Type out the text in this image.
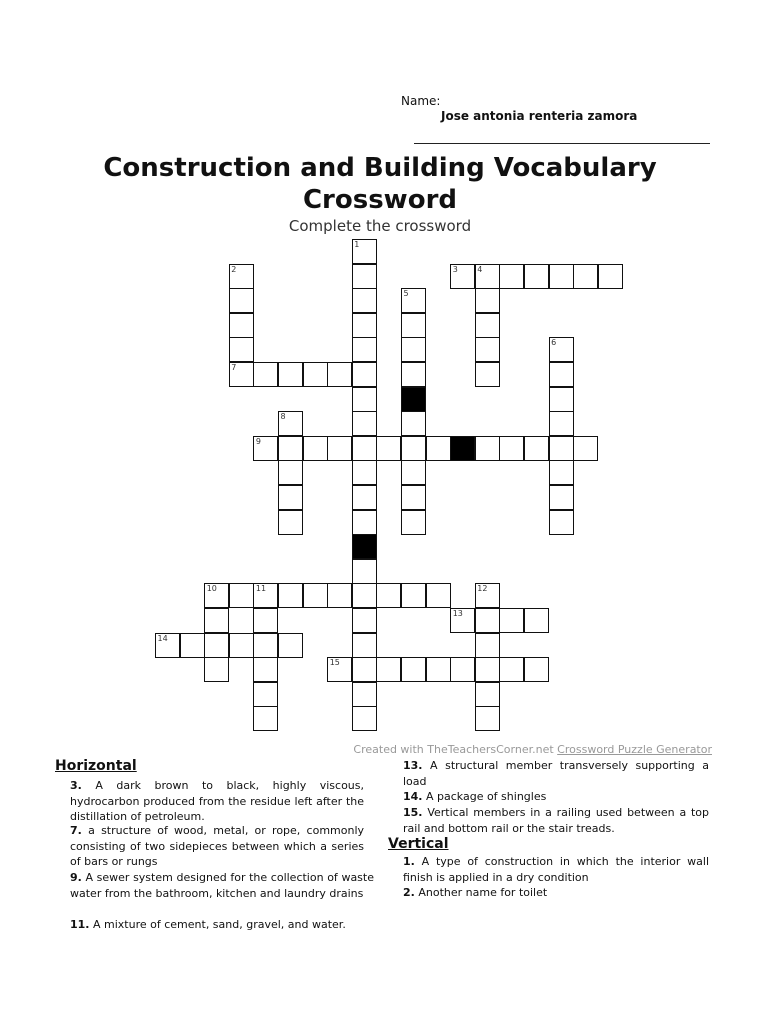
Name:
Jose antonia renteria zamora
Construction and Building Vocabulary
Crossword
Complete the crossword
1
2	3 4
5
6
7
8
9
10	11	12
13
14
15
Created with TheTeachersCorner.net Crossword Puzzle Generator
Horizontal
3. A dark brown to black, highly viscous, hydrocarbon produced from the residue left after the distillation of petroleum.
7. a structure of wood, metal, or rope, commonly consisting of two sidepieces between which a series of bars or rungs
9. A sewer system designed for the collection of waste water from the bathroom, kitchen and laundry drains
11. A mixture of cement, sand, gravel, and water.
13. A structural member transversely supporting a load
14. A package of shingles
15. Vertical members in a railing used between a top rail and bottom rail or the stair treads.
Vertical
1. A type of construction in which the interior wall finish is applied in a dry condition
2. Another name for toilet
